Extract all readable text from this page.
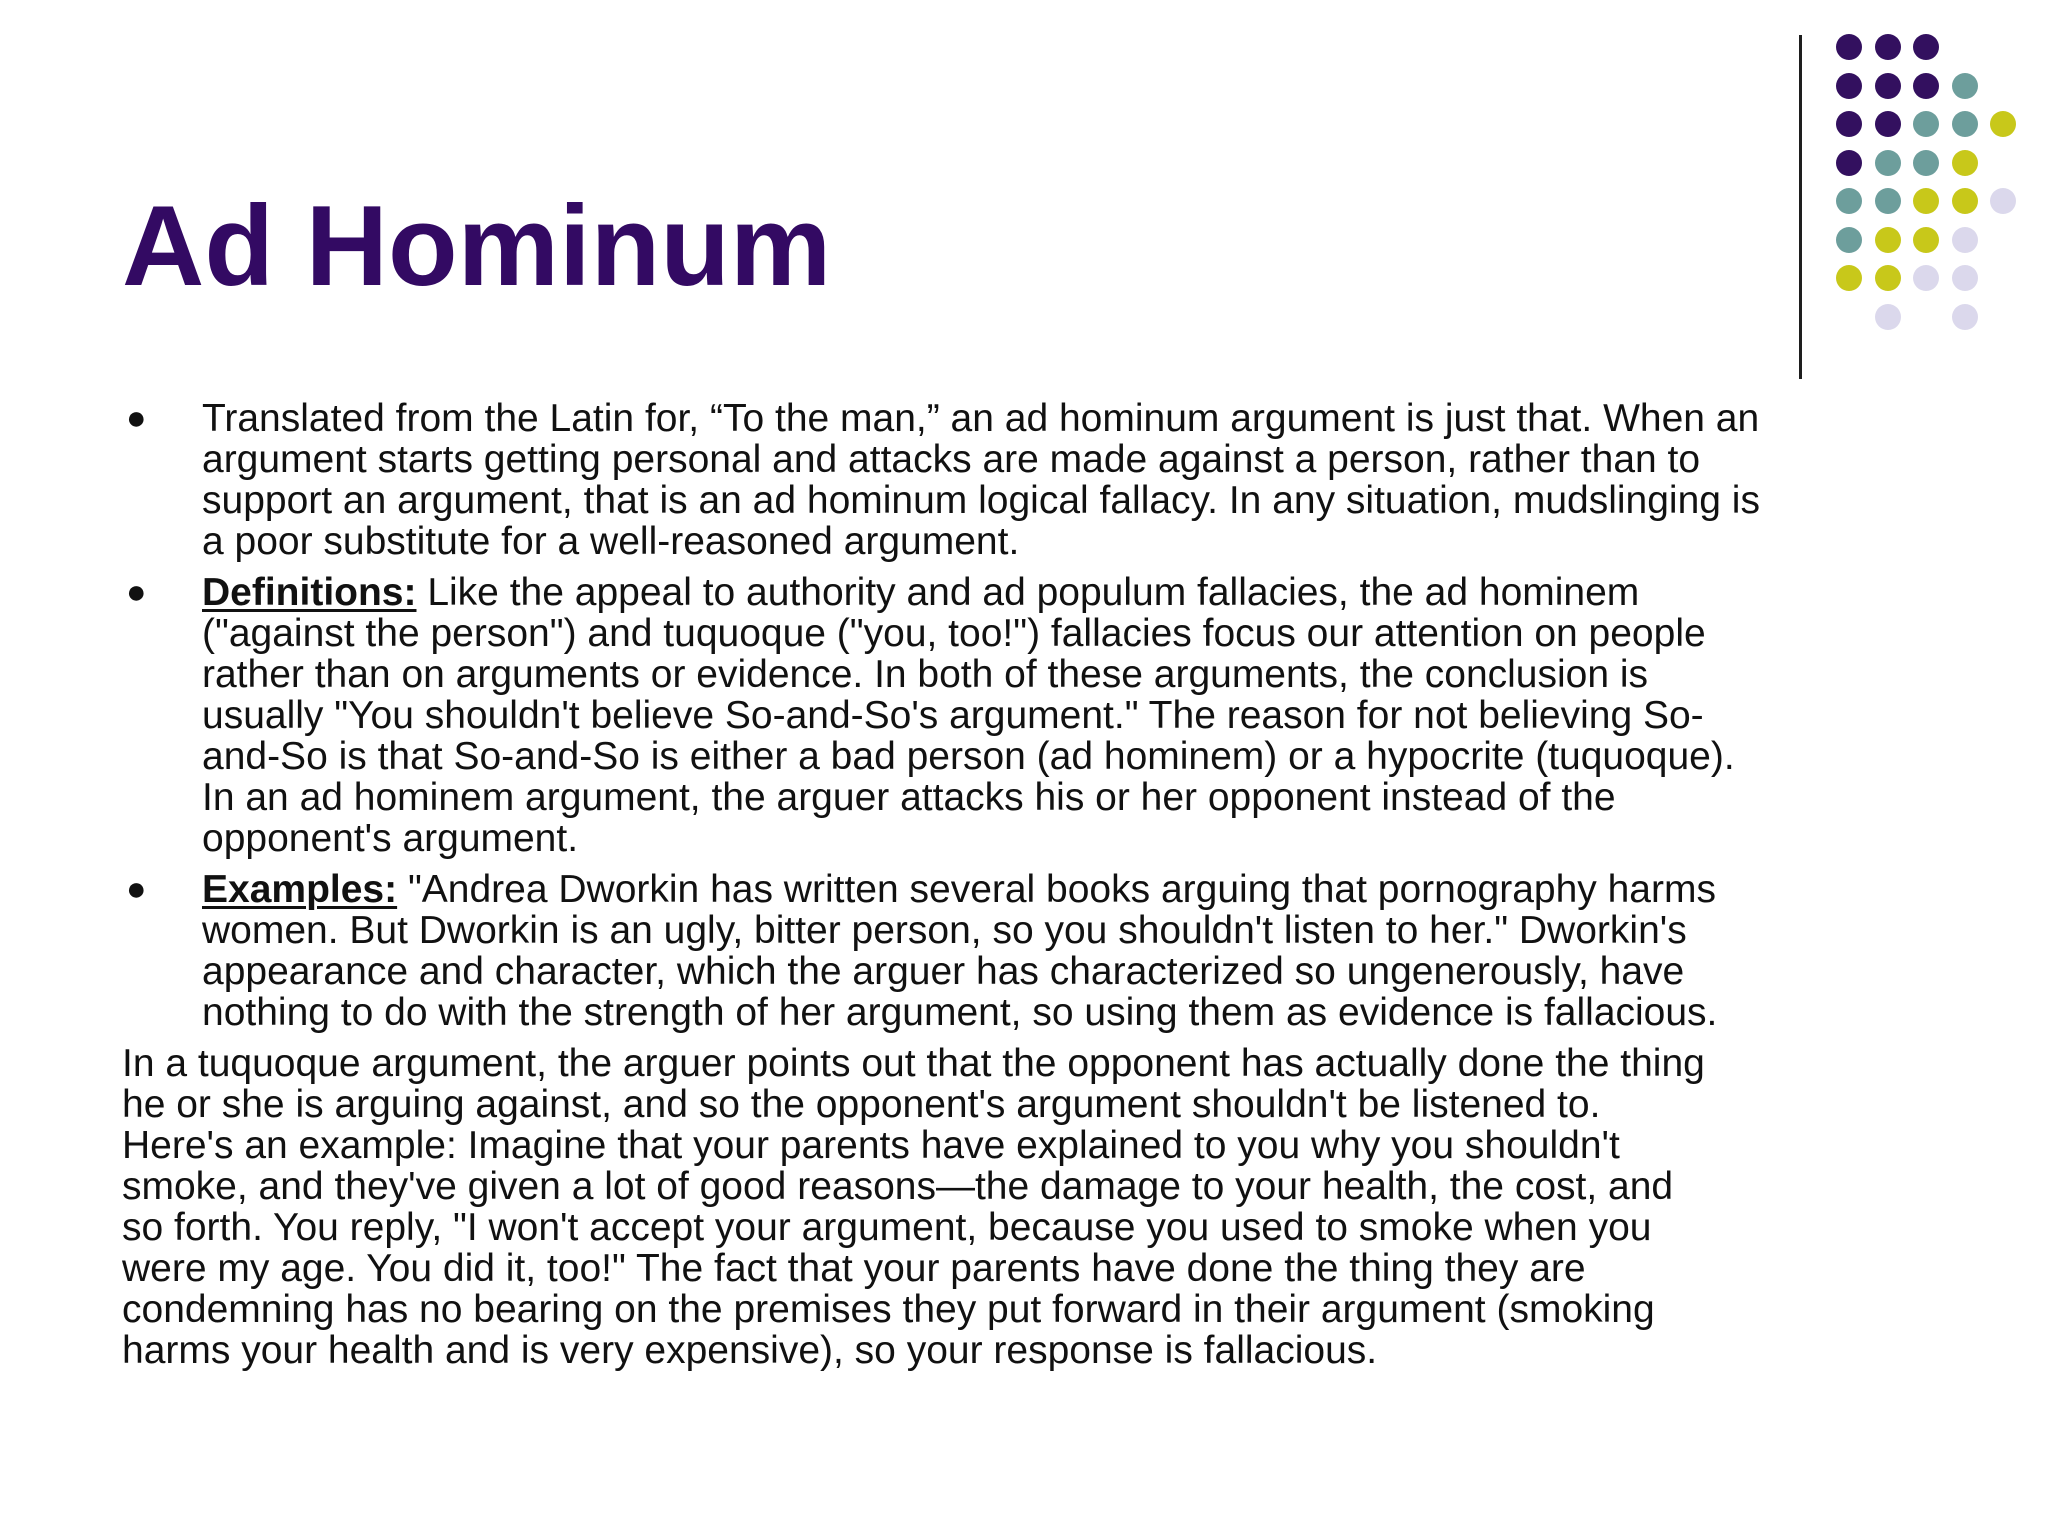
Ad Hominum
● Translated from the Latin for, “To the man,” an ad hominum argument is just that. When an
argument starts getting personal and attacks are made against a person, rather than to
support an argument, that is an ad hominum logical fallacy. In any situation, mudslinging is
a poor substitute for a well-reasoned argument.
● Definitions: Like the appeal to authority and ad populum fallacies, the ad hominem
("against the person") and tuquoque ("you, too!") fallacies focus our attention on people
rather than on arguments or evidence. In both of these arguments, the conclusion is
usually "You shouldn't believe So-and-So's argument." The reason for not believing So-
and-So is that So-and-So is either a bad person (ad hominem) or a hypocrite (tuquoque).
In an ad hominem argument, the arguer attacks his or her opponent instead of the
opponent's argument.
● Examples: "Andrea Dworkin has written several books arguing that pornography harms
women. But Dworkin is an ugly, bitter person, so you shouldn't listen to her." Dworkin's
appearance and character, which the arguer has characterized so ungenerously, have
nothing to do with the strength of her argument, so using them as evidence is fallacious.
In a tuquoque argument, the arguer points out that the opponent has actually done the thing
he or she is arguing against, and so the opponent's argument shouldn't be listened to.
Here's an example: Imagine that your parents have explained to you why you shouldn't
smoke, and they've given a lot of good reasons—the damage to your health, the cost, and
so forth. You reply, "I won't accept your argument, because you used to smoke when you
were my age. You did it, too!" The fact that your parents have done the thing they are
condemning has no bearing on the premises they put forward in their argument (smoking
harms your health and is very expensive), so your response is fallacious.
